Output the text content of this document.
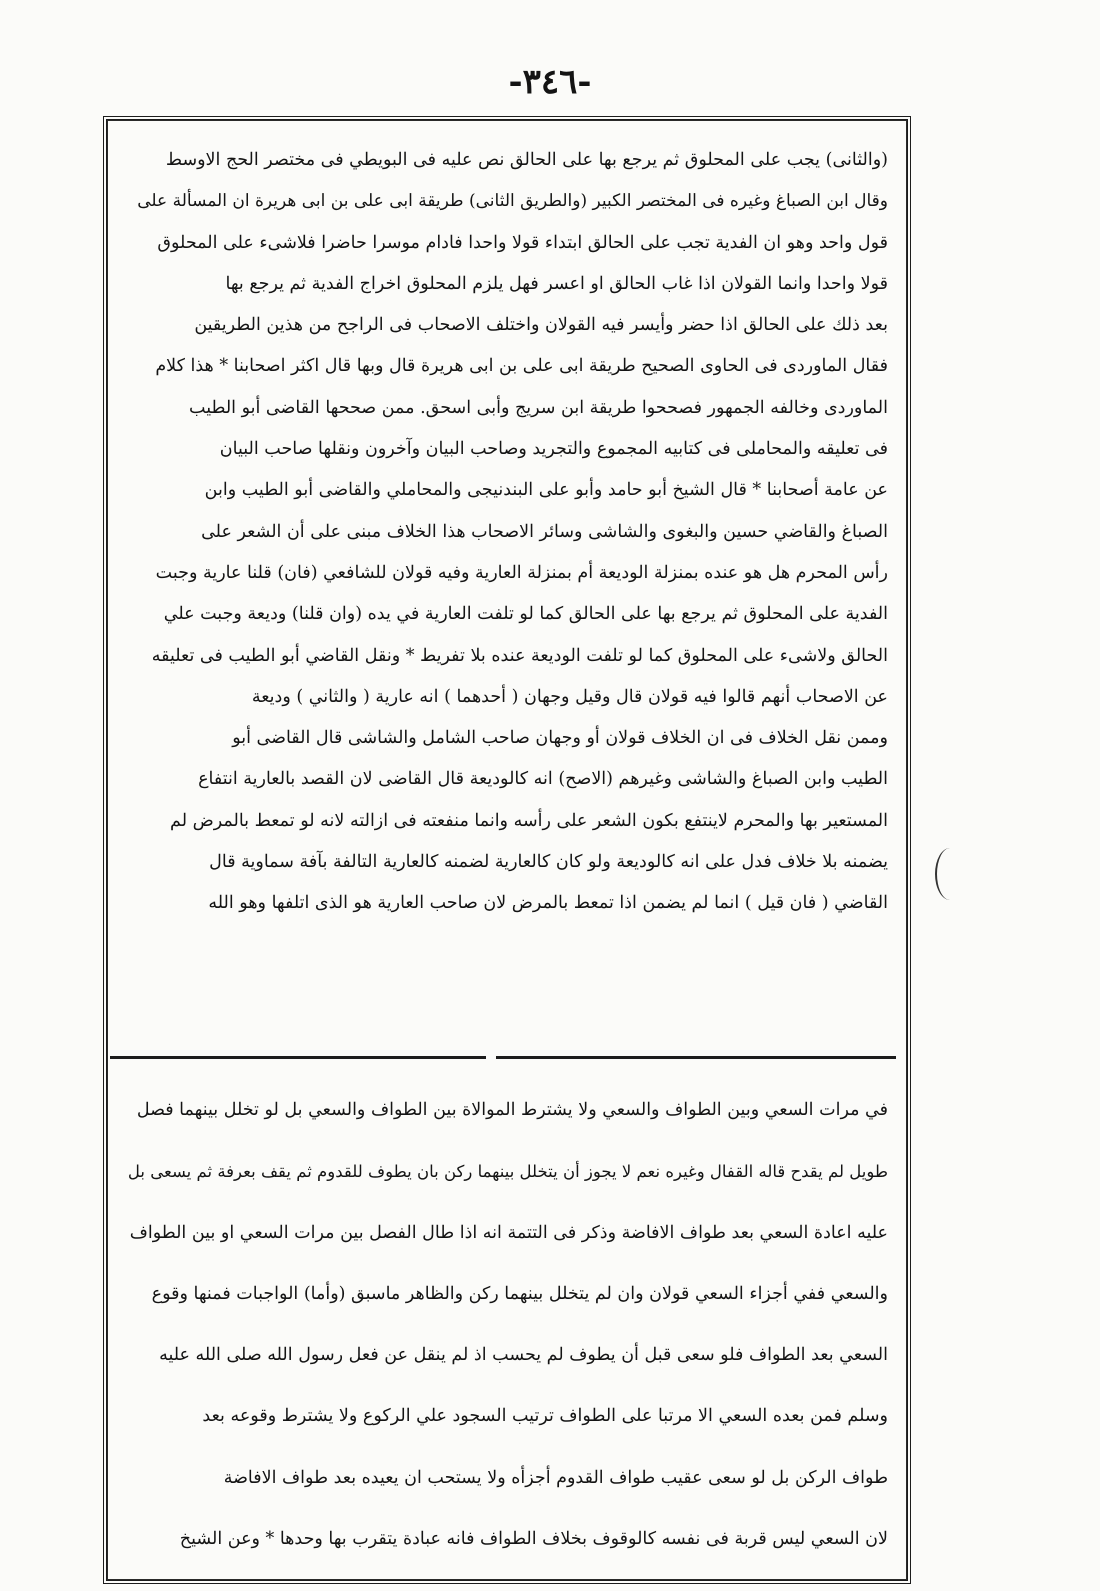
-٣٤٦-
(والثانى) يجب على المحلوق ثم يرجع بها على الحالق نص عليه فى البويطي فى مختصر الحج الاوسط
وقال ابن الصباغ وغيره فى المختصر الكبير (والطريق الثانى) طريقة ابى على بن ابى هريرة ان المسألة على
قول واحد وهو ان الفدية تجب على الحالق ابتداء قولا واحدا فادام موسرا حاضرا فلاشىء على المحلوق
قولا واحدا وانما القولان اذا غاب الحالق او اعسر فهل يلزم المحلوق اخراج الفدية ثم يرجع بها
بعد ذلك على الحالق اذا حضر وأيسر فيه القولان واختلف الاصحاب فى الراجح من هذين الطريقين
فقال الماوردى فى الحاوى الصحيح طريقة ابى على بن ابى هريرة قال وبها قال اكثر اصحابنا * هذا كلام
الماوردى وخالفه الجمهور فصححوا طريقة ابن سريج وأبى اسحق. ممن صححها القاضى أبو الطيب
فى تعليقه والمحاملى فى كتابيه المجموع والتجريد وصاحب البيان وآخرون ونقلها صاحب البيان
عن عامة أصحابنا * قال الشيخ أبو حامد وأبو على البندنيجى والمحاملي والقاضى أبو الطيب وابن
الصباغ والقاضي حسين والبغوى والشاشى وسائر الاصحاب هذا الخلاف مبنى على أن الشعر على
رأس المحرم هل هو عنده بمنزلة الوديعة أم بمنزلة العارية وفيه قولان للشافعي (فان) قلنا عارية وجبت
الفدية على المحلوق ثم يرجع بها على الحالق كما لو تلفت العارية في يده (وان قلنا) وديعة وجبت علي
الحالق ولاشىء على المحلوق كما لو تلفت الوديعة عنده بلا تفريط * ونقل القاضي أبو الطيب فى تعليقه
عن الاصحاب أنهم قالوا فيه قولان قال وقيل وجهان ( أحدهما ) انه عارية ( والثاني ) وديعة
وممن نقل الخلاف فى ان الخلاف قولان أو وجهان صاحب الشامل والشاشى قال القاضى أبو
الطيب وابن الصباغ والشاشى وغيرهم (الاصح) انه كالوديعة قال القاضى لان القصد بالعارية انتفاع
المستعير بها والمحرم لاينتفع بكون الشعر على رأسه وانما منفعته فى ازالته لانه لو تمعط بالمرض لم
يضمنه بلا خلاف فدل على انه كالوديعة ولو كان كالعارية لضمنه كالعارية التالفة بآفة سماوية قال
القاضي ( فان قيل ) انما لم يضمن اذا تمعط بالمرض لان صاحب العارية هو الذى اتلفها وهو الله
في مرات السعي وبين الطواف والسعي ولا يشترط الموالاة بين الطواف والسعي بل لو تخلل بينهما فصل
طويل لم يقدح قاله القفال وغيره نعم لا يجوز أن يتخلل بينهما ركن بان يطوف للقدوم ثم يقف بعرفة ثم يسعى بل
عليه اعادة السعي بعد طواف الافاضة وذكر فى التتمة انه اذا طال الفصل بين مرات السعي او بين الطواف
والسعي ففي أجزاء السعي قولان وان لم يتخلل بينهما ركن والظاهر ماسبق (وأما) الواجبات فمنها وقوع
السعي بعد الطواف فلو سعى قبل أن يطوف لم يحسب اذ لم ينقل عن فعل رسول الله صلى الله عليه
وسلم فمن بعده السعي الا مرتبا على الطواف ترتيب السجود علي الركوع ولا يشترط وقوعه بعد
طواف الركن بل لو سعى عقيب طواف القدوم أجزأه ولا يستحب ان يعيده بعد طواف الافاضة
لان السعي ليس قربة فى نفسه كالوقوف بخلاف الطواف فانه عبادة يتقرب بها وحدها * وعن الشيخ
